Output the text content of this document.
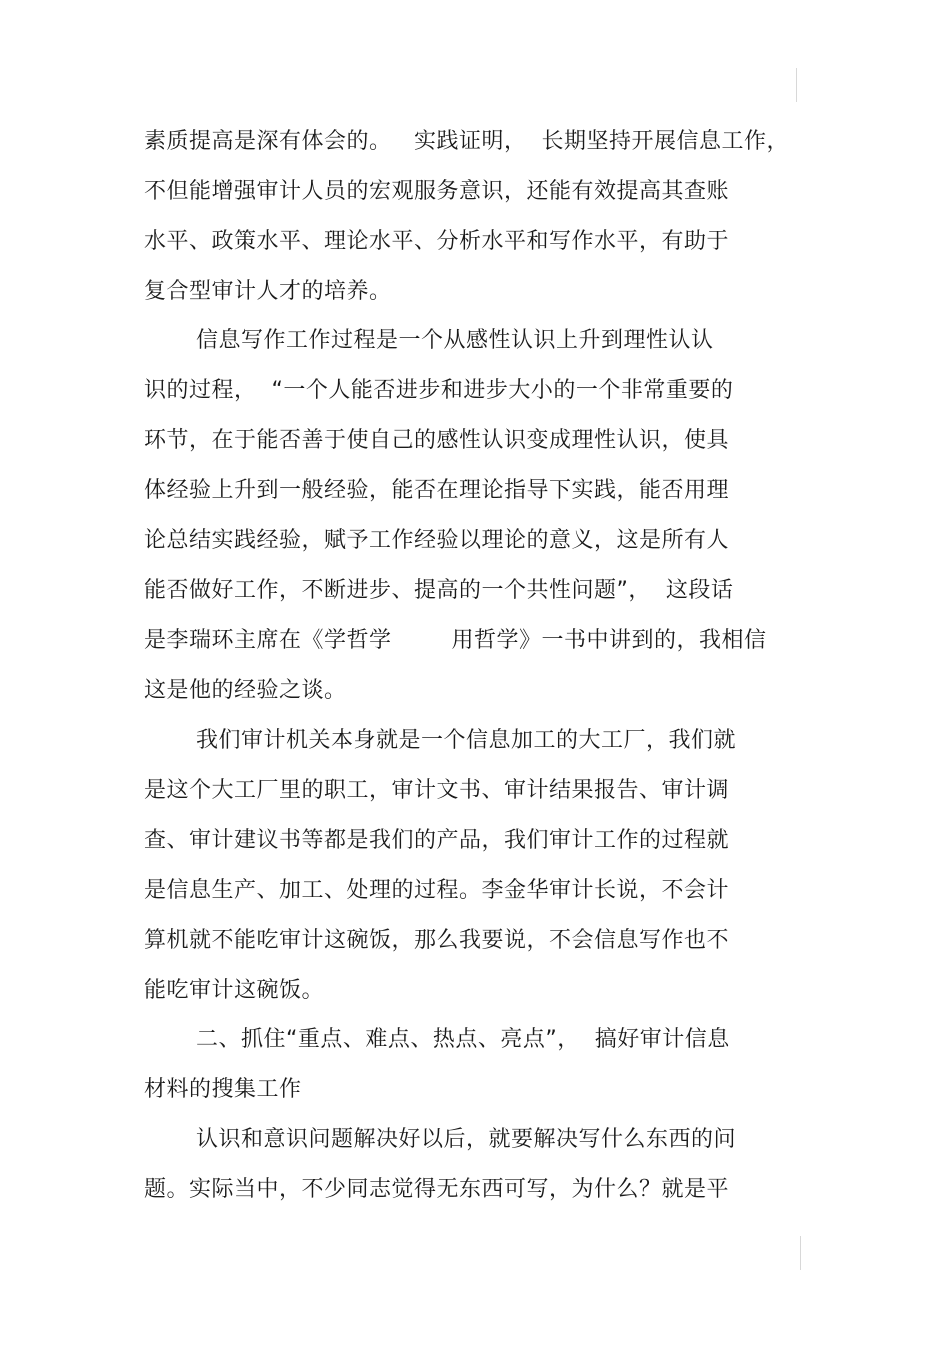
素质提高是深有体会的。   实践证明，  长期坚持开展信息工作，
不但能增强审计人员的宏观服务意识，还能有效提高其查账
水平、政策水平、理论水平、分析水平和写作水平，有助于
复合型审计人才的培养。
信息写作工作过程是一个从感性认识上升到理性认认
识的过程，  “一个人能否进步和进步大小的一个非常重要的
环节，在于能否善于使自己的感性认识变成理性认识，使具
体经验上升到一般经验，能否在理论指导下实践，能否用理
论总结实践经验，赋予工作经验以理论的意义，这是所有人
能否做好工作，不断进步、提高的一个共性问题”，  这段话
是李瑞环主席在《学哲学        用哲学》一书中讲到的，我相信
这是他的经验之谈。
我们审计机关本身就是一个信息加工的大工厂，我们就
是这个大工厂里的职工，审计文书、审计结果报告、审计调
查、审计建议书等都是我们的产品，我们审计工作的过程就
是信息生产、加工、处理的过程。李金华审计长说，不会计
算机就不能吃审计这碗饭，那么我要说，不会信息写作也不
能吃审计这碗饭。
二、抓住“重点、难点、热点、亮点”，  搞好审计信息
材料的搜集工作
认识和意识问题解决好以后，就要解决写什么东西的问
题。实际当中，不少同志觉得无东西可写，为什么？就是平
